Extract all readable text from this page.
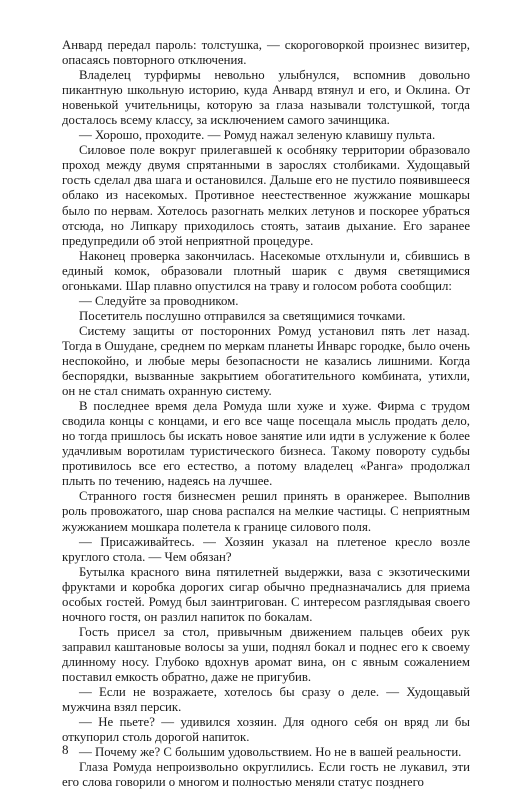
Анвард передал пароль: толстушка, — скороговоркой произнес визитер, опасаясь повторного отключения.

Владелец турфирмы невольно улыбнулся, вспомнив довольно пикантную школьную историю, куда Анвард втянул и его, и Оклина. От новенькой учительницы, которую за глаза называли толстушкой, тогда досталось всему классу, за исключением самого зачинщика.

— Хорошо, проходите. — Ромуд нажал зеленую клавишу пульта.

Силовое поле вокруг прилегавшей к особняку территории образовало проход между двумя спрятанными в зарослях столбиками. Худощавый гость сделал два шага и остановился. Дальше его не пустило появившееся облако из насекомых. Противное неестественное жужжание мошкары было по нервам. Хотелось разогнать мелких летунов и поскорее убраться отсюда, но Липкару приходилось стоять, затаив дыхание. Его заранее предупредили об этой неприятной процедуре.

Наконец проверка закончилась. Насекомые отхлынули и, сбившись в единый комок, образовали плотный шарик с двумя светящимися огоньками. Шар плавно опустился на траву и голосом робота сообщил:

— Следуйте за проводником.

Посетитель послушно отправился за светящимися точками.

Систему защиты от посторонних Ромуд установил пять лет назад. Тогда в Ошудане, среднем по меркам планеты Инварс городке, было очень неспокойно, и любые меры безопасности не казались лишними. Когда беспорядки, вызванные закрытием обогатительного комбината, утихли, он не стал снимать охранную систему.

В последнее время дела Ромуда шли хуже и хуже. Фирма с трудом сводила концы с концами, и его все чаще посещала мысль продать дело, но тогда пришлось бы искать новое занятие или идти в услужение к более удачливым воротилам туристического бизнеса. Такому повороту судьбы противилось все его естество, а потому владелец «Ранга» продолжал плыть по течению, надеясь на лучшее.

Странного гостя бизнесмен решил принять в оранжерее. Выполнив роль провожатого, шар снова распался на мелкие частицы. С неприятным жужжанием мошкара полетела к границе силового поля.

— Присаживайтесь. — Хозяин указал на плетеное кресло возле круглого стола. — Чем обязан?

Бутылка красного вина пятилетней выдержки, ваза с экзотическими фруктами и коробка дорогих сигар обычно предназначались для приема особых гостей. Ромуд был заинтригован. С интересом разглядывая своего ночного гостя, он разлил напиток по бокалам.

Гость присел за стол, привычным движением пальцев обеих рук заправил каштановые волосы за уши, поднял бокал и поднес его к своему длинному носу. Глубоко вдохнув аромат вина, он с явным сожалением поставил емкость обратно, даже не пригубив.

— Если не возражаете, хотелось бы сразу о деле. — Худощавый мужчина взял персик.

— Не пьете? — удивился хозяин. Для одного себя он вряд ли бы откупорил столь дорогой напиток.

— Почему же? С большим удовольствием. Но не в вашей реальности.

Глаза Ромуда непроизвольно округлились. Если гость не лукавил, эти его слова говорили о многом и полностью меняли статус позднего

8
